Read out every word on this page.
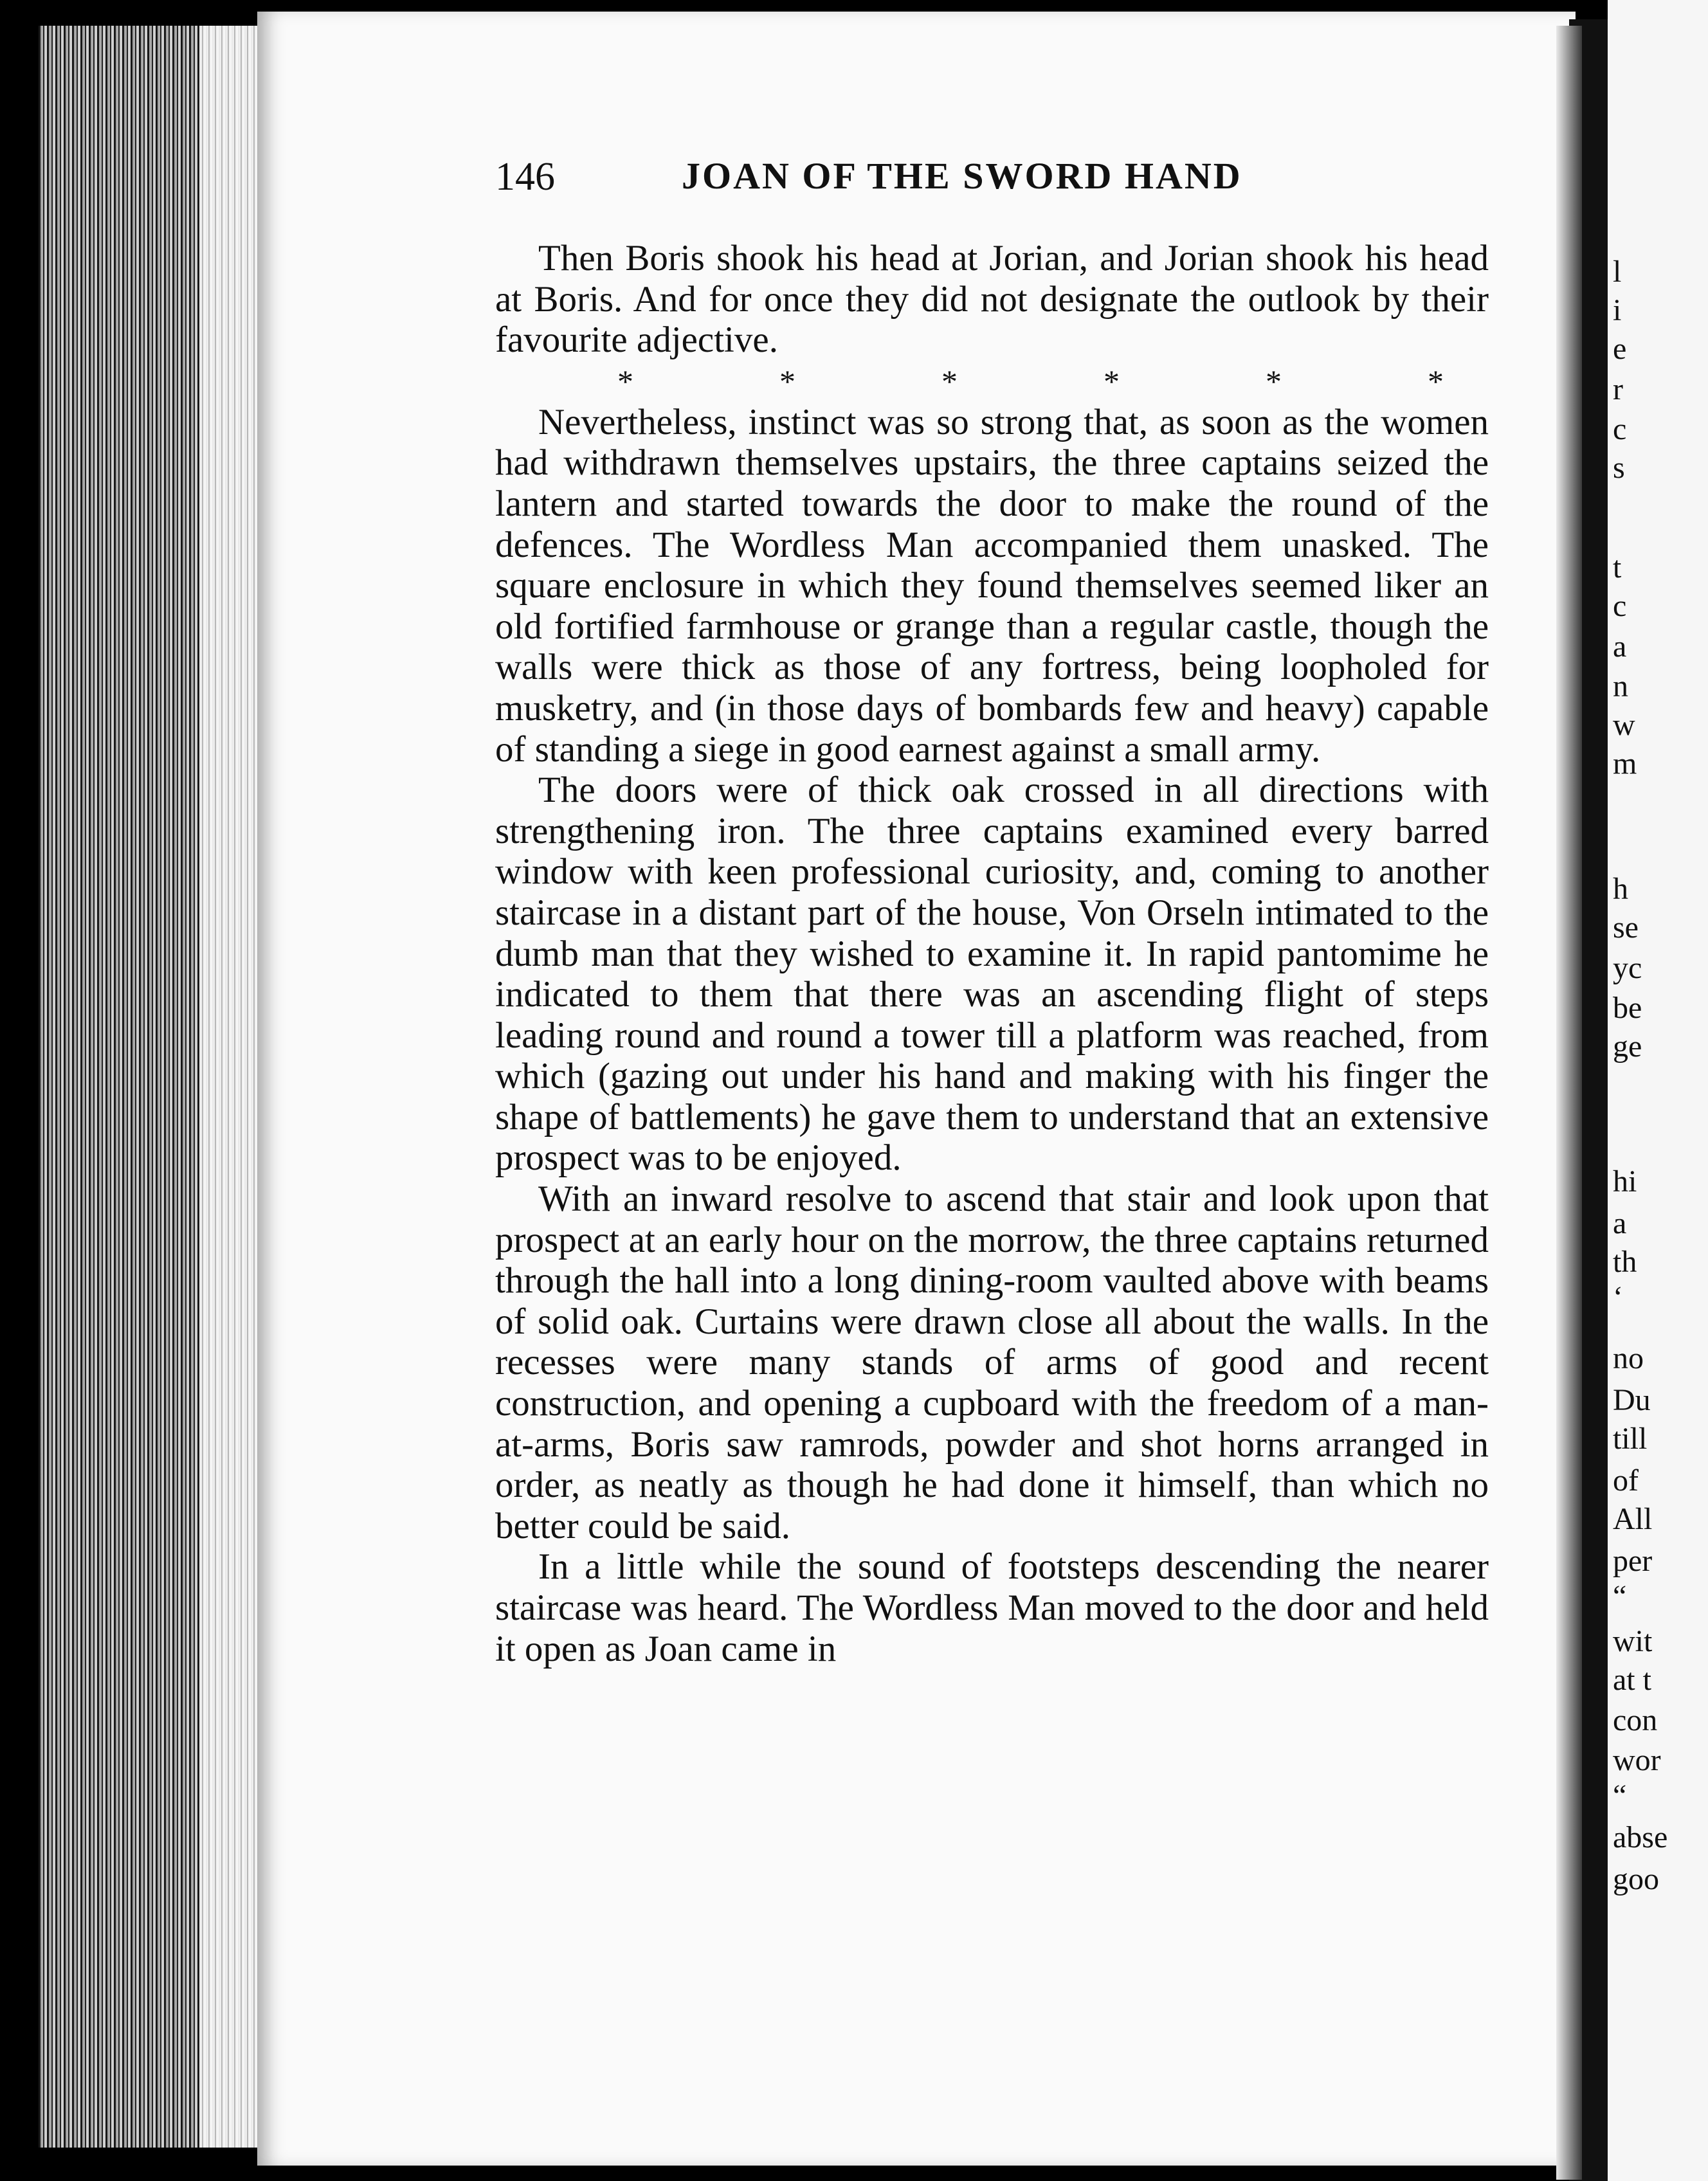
l
i
e
r
c
s
t
c
a
n
w
m
h
se
yc
be
ge
hi
a
th
‘
no
Du
till
of
All
per
“
wit
at t
con
wor
“
abse
goo
146	JOAN OF THE SWORD HAND

Then Boris shook his head at Jorian, and Jorian shook his head at Boris. And for once they did not designate the outlook by their favourite adjective.

*	*	*	*	*	*

Nevertheless, instinct was so strong that, as soon as the women had withdrawn themselves upstairs, the three captains seized the lantern and started towards the door to make the round of the defences. The Wordless Man accompanied them unasked. The square enclosure in which they found themselves seemed liker an old fortified farmhouse or grange than a regular castle, though the walls were thick as those of any fortress, being loopholed for musketry, and (in those days of bombards few and heavy) capable of standing a siege in good earnest against a small army.

The doors were of thick oak crossed in all directions with strengthening iron. The three captains examined every barred window with keen professional curiosity, and, coming to another staircase in a distant part of the house, Von Orseln intimated to the dumb man that they wished to examine it. In rapid pantomime he indicated to them that there was an ascending flight of steps leading round and round a tower till a platform was reached, from which (gazing out under his hand and making with his finger the shape of battlements) he gave them to understand that an extensive prospect was to be enjoyed.

With an inward resolve to ascend that stair and look upon that prospect at an early hour on the morrow, the three captains returned through the hall into a long dining-room vaulted above with beams of solid oak. Curtains were drawn close all about the walls. In the recesses were many stands of arms of good and recent construction, and opening a cupboard with the freedom of a man-at-arms, Boris saw ramrods, powder and shot horns arranged in order, as neatly as though he had done it himself, than which no better could be said.

In a little while the sound of footsteps descending the nearer staircase was heard. The Wordless Man moved to the door and held it open as Joan came in
